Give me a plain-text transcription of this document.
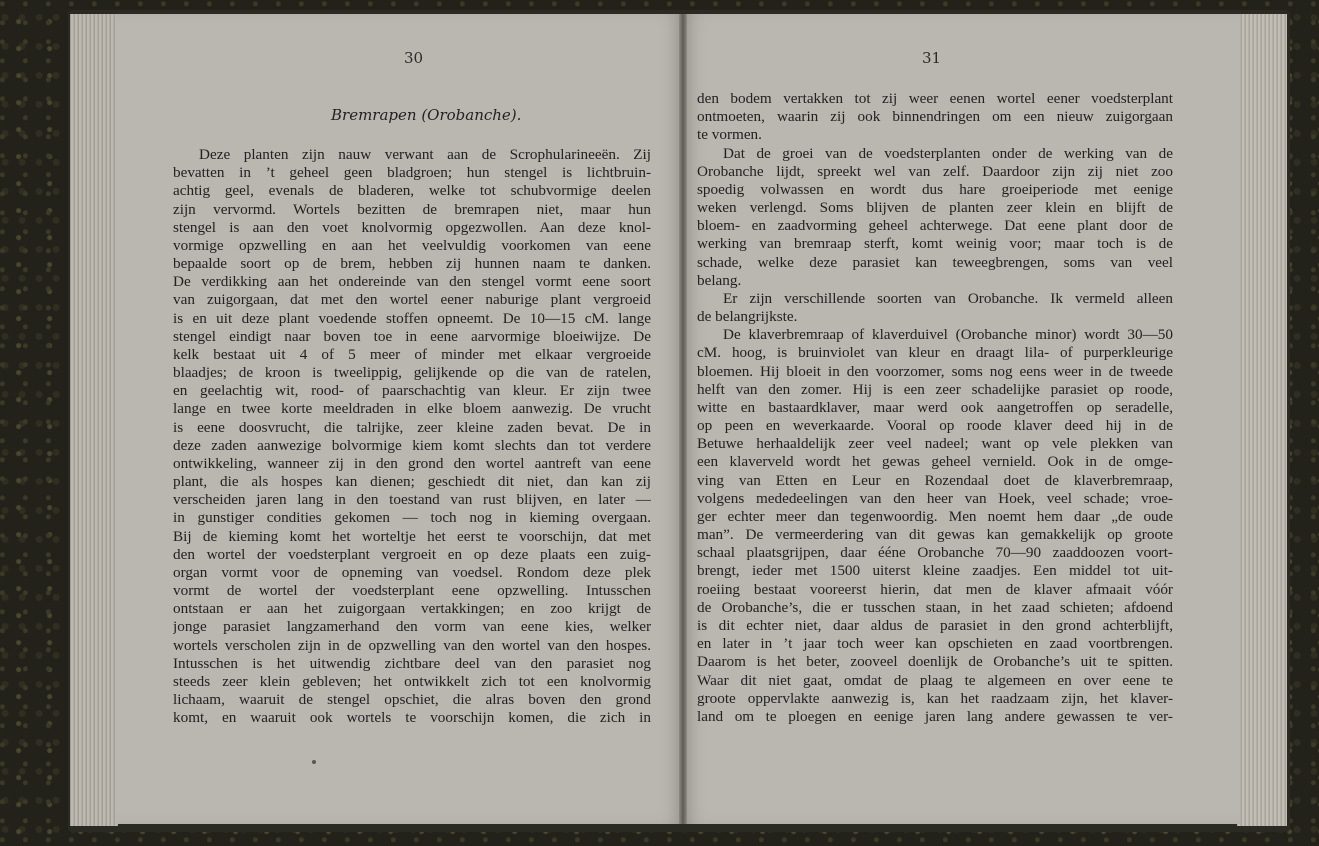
30	31
Bremrapen (Orobanche).
Deze planten zijn nauw verwant aan de Scrophularineeën. Zij
bevatten in ’t geheel geen bladgroen; hun stengel is lichtbruin-
achtig geel, evenals de bladeren, welke tot schubvormige deelen
zijn vervormd. Wortels bezitten de bremrapen niet, maar hun
stengel is aan den voet knolvormig opgezwollen. Aan deze knol-
vormige opzwelling en aan het veelvuldig voorkomen van eene
bepaalde soort op de brem, hebben zij hunnen naam te danken.
De verdikking aan het ondereinde van den stengel vormt eene soort
van zuigorgaan, dat met den wortel eener naburige plant vergroeid
is en uit deze plant voedende stoffen opneemt. De 10—15 cM. lange
stengel eindigt naar boven toe in eene aarvormige bloeiwijze. De
kelk bestaat uit 4 of 5 meer of minder met elkaar vergroeide
blaadjes; de kroon is tweelippig, gelijkende op die van de ratelen,
en geelachtig wit, rood- of paarschachtig van kleur. Er zijn twee
lange en twee korte meeldraden in elke bloem aanwezig. De vrucht
is eene doosvrucht, die talrijke, zeer kleine zaden bevat. De in
deze zaden aanwezige bolvormige kiem komt slechts dan tot verdere
ontwikkeling, wanneer zij in den grond den wortel aantreft van eene
plant, die als hospes kan dienen; geschiedt dit niet, dan kan zij
verscheiden jaren lang in den toestand van rust blijven, en later —
in gunstiger condities gekomen — toch nog in kieming overgaan.
Bij de kieming komt het worteltje het eerst te voorschijn, dat met
den wortel der voedsterplant vergroeit en op deze plaats een zuig-
organ vormt voor de opneming van voedsel. Rondom deze plek
vormt de wortel der voedsterplant eene opzwelling. Intusschen
ontstaan er aan het zuigorgaan vertakkingen; en zoo krijgt de
jonge parasiet langzamerhand den vorm van eene kies, welker
wortels verscholen zijn in de opzwelling van den wortel van den hospes.
Intusschen is het uitwendig zichtbare deel van den parasiet nog
steeds zeer klein gebleven; het ontwikkelt zich tot een knolvormig
lichaam, waaruit de stengel opschiet, die alras boven den grond
komt, en waaruit ook wortels te voorschijn komen, die zich in
den bodem vertakken tot zij weer eenen wortel eener voedsterplant
ontmoeten, waarin zij ook binnendringen om een nieuw zuigorgaan
te vormen.
Dat de groei van de voedsterplanten onder de werking van de
Orobanche lijdt, spreekt wel van zelf. Daardoor zijn zij niet zoo
spoedig volwassen en wordt dus hare groeiperiode met eenige
weken verlengd. Soms blijven de planten zeer klein en blijft de
bloem- en zaadvorming geheel achterwege. Dat eene plant door de
werking van bremraap sterft, komt weinig voor; maar toch is de
schade, welke deze parasiet kan teweegbrengen, soms van veel
belang.
Er zijn verschillende soorten van Orobanche. Ik vermeld alleen
de belangrijkste.
De klaverbremraap of klaverduivel (Orobanche minor) wordt 30—50
cM. hoog, is bruinviolet van kleur en draagt lila- of purperkleurige
bloemen. Hij bloeit in den voorzomer, soms nog eens weer in de tweede
helft van den zomer. Hij is een zeer schadelijke parasiet op roode,
witte en bastaardklaver, maar werd ook aangetroffen op seradelle,
op peen en weverkaarde. Vooral op roode klaver deed hij in de
Betuwe herhaaldelijk zeer veel nadeel; want op vele plekken van
een klaverveld wordt het gewas geheel vernield. Ook in de omge-
ving van Etten en Leur en Rozendaal doet de klaverbremraap,
volgens mededeelingen van den heer van Hoek, veel schade; vroe-
ger echter meer dan tegenwoordig. Men noemt hem daar „de oude
man”. De vermeerdering van dit gewas kan gemakkelijk op groote
schaal plaatsgrijpen, daar ééne Orobanche 70—90 zaaddoozen voort-
brengt, ieder met 1500 uiterst kleine zaadjes. Een middel tot uit-
roeiing bestaat vooreerst hierin, dat men de klaver afmaait vóór
de Orobanche’s, die er tusschen staan, in het zaad schieten; afdoend
is dit echter niet, daar aldus de parasiet in den grond achterblijft,
en later in ’t jaar toch weer kan opschieten en zaad voortbrengen.
Daarom is het beter, zooveel doenlijk de Orobanche’s uit te spitten.
Waar dit niet gaat, omdat de plaag te algemeen en over eene te
groote oppervlakte aanwezig is, kan het raadzaam zijn, het klaver-
land om te ploegen en eenige jaren lang andere gewassen te ver-
